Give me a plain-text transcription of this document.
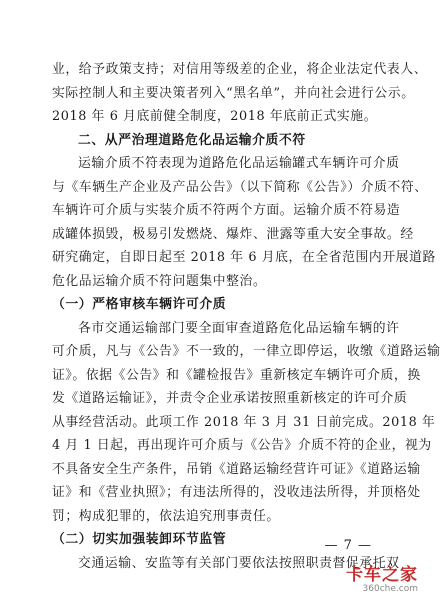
业，给予政策支持；对信用等级差的企业，将企业法定代表人、
实际控制人和主要决策者列入“黑名单”，并向社会进行公示。
2018 年 6 月底前健全制度，2018 年底前正式实施。
二、从严治理道路危化品运输介质不符
运输介质不符表现为道路危化品运输罐式车辆许可介质
与《车辆生产企业及产品公告》（以下简称《公告》）介质不符、
车辆许可介质与实装介质不符两个方面。运输介质不符易造
成罐体损毁，极易引发燃烧、爆炸、泄露等重大安全事故。经
研究确定，自即日起至 2018 年 6 月底，在全省范围内开展道路
危化品运输介质不符问题集中整治。
（一）严格审核车辆许可介质
各市交通运输部门要全面审查道路危化品运输车辆的许
可介质，凡与《公告》不一致的，一律立即停运，收缴《道路运输
证》。依据《公告》和《罐检报告》重新核定车辆许可介质，换
发《道路运输证》，并责令企业承诺按照重新核定的许可介质
从事经营活动。此项工作 2018 年 3 月 31 日前完成。2018 年
4 月 1 日起，再出现许可介质与《公告》介质不符的企业，视为
不具备安全生产条件，吊销《道路运输经营许可证》《道路运输
证》和《营业执照》；有违法所得的，没收违法所得，并顶格处
罚；构成犯罪的，依法追究刑事责任。
（二）切实加强装卸环节监管
交通运输、安监等有关部门要依法按照职责督促承托双
— 7 —
卡车之家
360che.com
